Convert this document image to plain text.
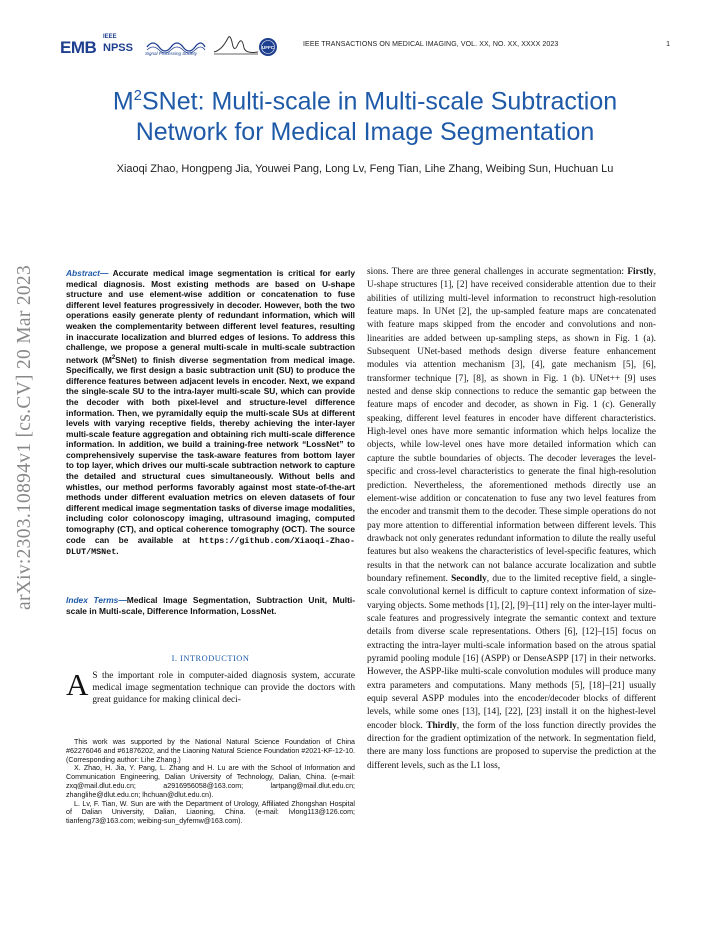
EMB
IEEE
NPSS	Signal Processing Society
UFFC	IEEE TRANSACTIONS ON MEDICAL IMAGING, VOL. XX, NO. XX, XXXX 2023	1
$M^2SNet$: Multi-scale in Multi-scale Subtraction
Network for Medical Image Segmentation
Xiaoqi Zhao, Hongpeng Jia, Youwei Pang, Long Lv, Feng Tian, Lihe Zhang, Weibing Sun, Huchuan Lu
arXiv:2303.10894v1 [cs.CV] 20 Mar 2023	Abstract— Accurate medical image segmentation is critical for early medical diagnosis. Most existing methods are based on U-shape structure and use element-wise addition or concatenation to fuse different level features progressively in decoder. However, both the two operations easily generate plenty of redundant information, which will weaken the complementarity between different level features, resulting in inaccurate localization and blurred edges of lesions. To address this challenge, we propose a general multi-scale in multi-scale subtraction network $(M^2SNet)$ to finish diverse segmentation from medical image. Specifically, we first design a basic subtraction unit (SU) to produce the difference features between adjacent levels in encoder. Next, we expand the single-scale SU to the intra-layer multi-scale SU, which can provide the decoder with both pixel-level and structure-level difference information. Then, we pyramidally equip the multi-scale SUs at different levels with varying receptive fields, thereby achieving the inter-layer multi-scale feature aggregation and obtaining rich multi-scale difference information. In addition, we build a training-free network “LossNet” to comprehensively supervise the task-aware features from bottom layer to top layer, which drives our multi-scale subtraction network to capture the detailed and structural cues simultaneously. Without bells and whistles, our method performs favorably against most state-of-the-art methods under different evaluation metrics on eleven datasets of four different medical image segmentation tasks of diverse image modalities, including color colonoscopy imaging, ultrasound imaging, computed tomography (CT), and optical coherence tomography (OCT). The source code can be available at https://github.com/Xiaoqi-Zhao-DLUT/MSNet.
Index Terms—Medical Image Segmentation, Subtraction Unit, Multi-scale in Multi-scale, Difference Information, LossNet.
I. INTRODUCTION
A S the important role in computer-aided diagnosis system, accurate medical image segmentation technique can provide the doctors with great guidance for making clinical deci-

This work was supported by the National Natural Science Foundation of China #62276046 and #61876202, and the Liaoning Natural Science Foundation #2021-KF-12-10. (Corresponding author: Lihe Zhang.)

X. Zhao, H. Jia, Y. Pang, L. Zhang and H. Lu are with the School of Information and Communication Engineering, Dalian University of Technology, Dalian, China. (e-mail: zxq@mail.dlut.edu.cn; a2916956058@163.com; lartpang@mail.dlut.edu.cn; zhanglihe@dlut.edu.cn; lhchuan@dlut.edu.cn).

L. Lv, F. Tian, W. Sun are with the Department of Urology, Affiliated Zhongshan Hospital of Dalian University, Dalian, Liaoning, China. (e-mail: lvlong113@126.com; tianfeng73@163.com; weibing-sun_dyfemw@163.com).

sions. There are three general challenges in accurate segmentation: Firstly, U-shape structures [1], [2] have received considerable attention due to their abilities of utilizing multi-level information to reconstruct high-resolution feature maps. In UNet [2], the up-sampled feature maps are concatenated with feature maps skipped from the encoder and convolutions and non-linearities are added between up-sampling steps, as shown in Fig. 1 (a). Subsequent UNet-based methods design diverse feature enhancement modules via attention mechanism [3], [4], gate mechanism [5], [6], transformer technique [7], [8], as shown in Fig. 1 (b). UNet++ [9] uses nested and dense skip connections to reduce the semantic gap between the feature maps of encoder and decoder, as shown in Fig. 1 (c). Generally speaking, different level features in encoder have different characteristics. High-level ones have more semantic information which helps localize the objects, while low-level ones have more detailed information which can capture the subtle boundaries of objects. The decoder leverages the level-specific and cross-level characteristics to generate the final high-resolution prediction. Nevertheless, the aforementioned methods directly use an element-wise addition or concatenation to fuse any two level features from the encoder and transmit them to the decoder. These simple operations do not pay more attention to differential information between different levels. This drawback not only generates redundant information to dilute the really useful features but also weakens the characteristics of level-specific features, which results in that the network can not balance accurate localization and subtle boundary refinement. Secondly, due to the limited receptive field, a single-scale convolutional kernel is difficult to capture context information of size-varying objects. Some methods [1], [2], [9]–[11] rely on the inter-layer multi-scale features and progressively integrate the semantic context and texture details from diverse scale representations. Others [6], [12]–[15] focus on extracting the intra-layer multi-scale information based on the atrous spatial pyramid pooling module [16] (ASPP) or DenseASPP [17] in their networks. However, the ASPP-like multi-scale convolution modules will produce many extra parameters and computations. Many methods [5], [18]–[21] usually equip several ASPP modules into the encoder/decoder blocks of different levels, while some ones [13], [14], [22], [23] install it on the highest-level encoder block. Thirdly, the form of the loss function directly provides the direction for the gradient optimization of the network. In segmentation field, there are many loss functions are proposed to supervise the prediction at the different levels, such as the L1 loss,
